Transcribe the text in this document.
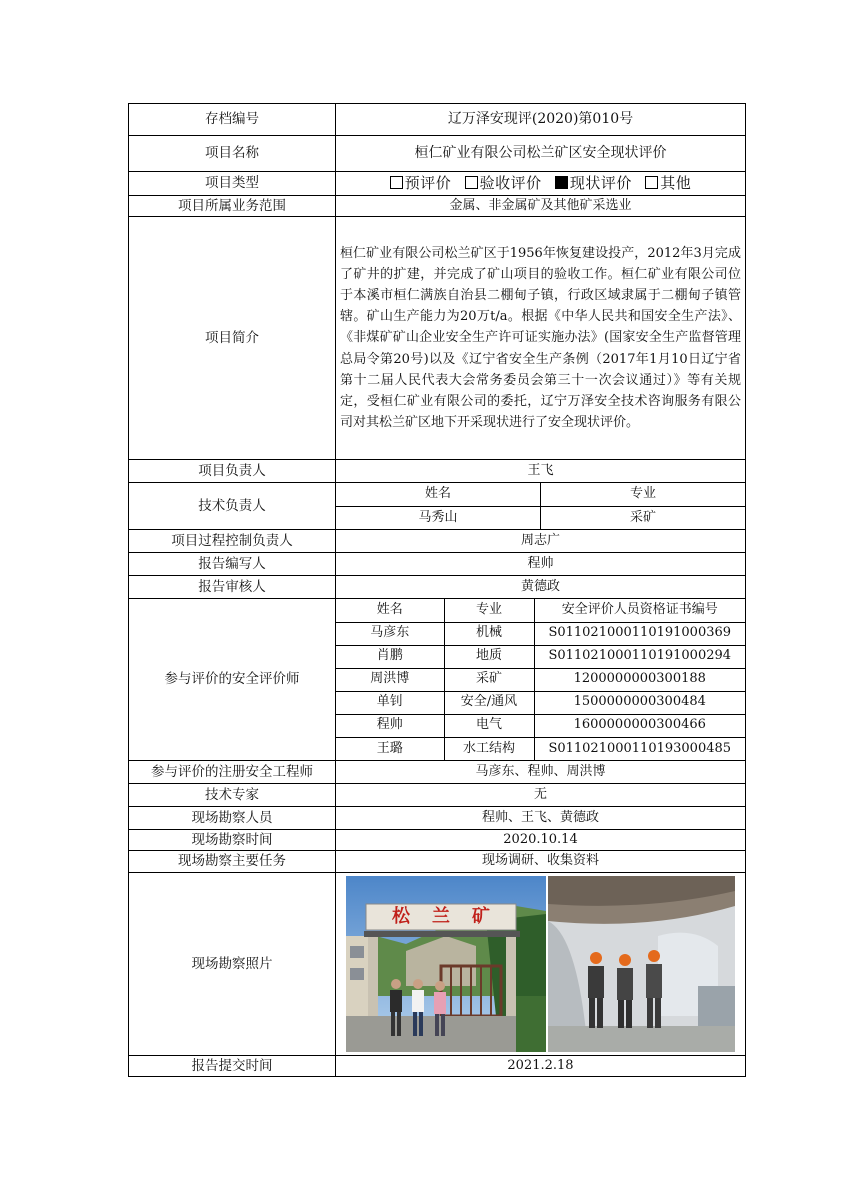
存档编号	辽万泽安现评(2020)第010号
项目名称	桓仁矿业有限公司松兰矿区安全现状评价
项目类型	预评价 验收评价 现状评价 其他
项目所属业务范围	金属、非金属矿及其他矿采选业
项目简介	桓仁矿业有限公司松兰矿区于1956年恢复建设投产，2012年3月完成了矿井的扩建，并完成了矿山项目的验收工作。桓仁矿业有限公司位于本溪市桓仁满族自治县二棚甸子镇，行政区域隶属于二棚甸子镇管辖。矿山生产能力为20万t/a。根据《中华人民共和国安全生产法》、《非煤矿矿山企业安全生产许可证实施办法》(国家安全生产监督管理总局令第20号)以及《辽宁省安全生产条例（2017年1月10日辽宁省第十二届人民代表大会常务委员会第三十一次会议通过）》等有关规定，受桓仁矿业有限公司的委托，辽宁万泽安全技术咨询服务有限公司对其松兰矿区地下开采现状进行了安全现状评价。
项目负责人	王飞
技术负责人	
姓名	专业
马秀山	采矿

项目过程控制负责人	周志广
报告编写人	程帅
报告审核人	黄德政
参与评价的安全评价师	
姓名	专业	安全评价人员资格证书编号
马彦东	机械	S011021000110191000369
肖鹏	地质	S011021000110191000294
周洪博	采矿	1200000000300188
单钊	安全/通风	1500000000300484
程帅	电气	1600000000300466
王璐	水工结构	S011021000110193000485

参与评价的注册安全工程师	马彦东、程帅、周洪博
技术专家	无
现场勘察人员	程帅、王飞、黄德政
现场勘察时间	2020.10.14
现场勘察主要任务	现场调研、收集资料
现场勘察照片	
松兰矿

报告提交时间	2021.2.18
